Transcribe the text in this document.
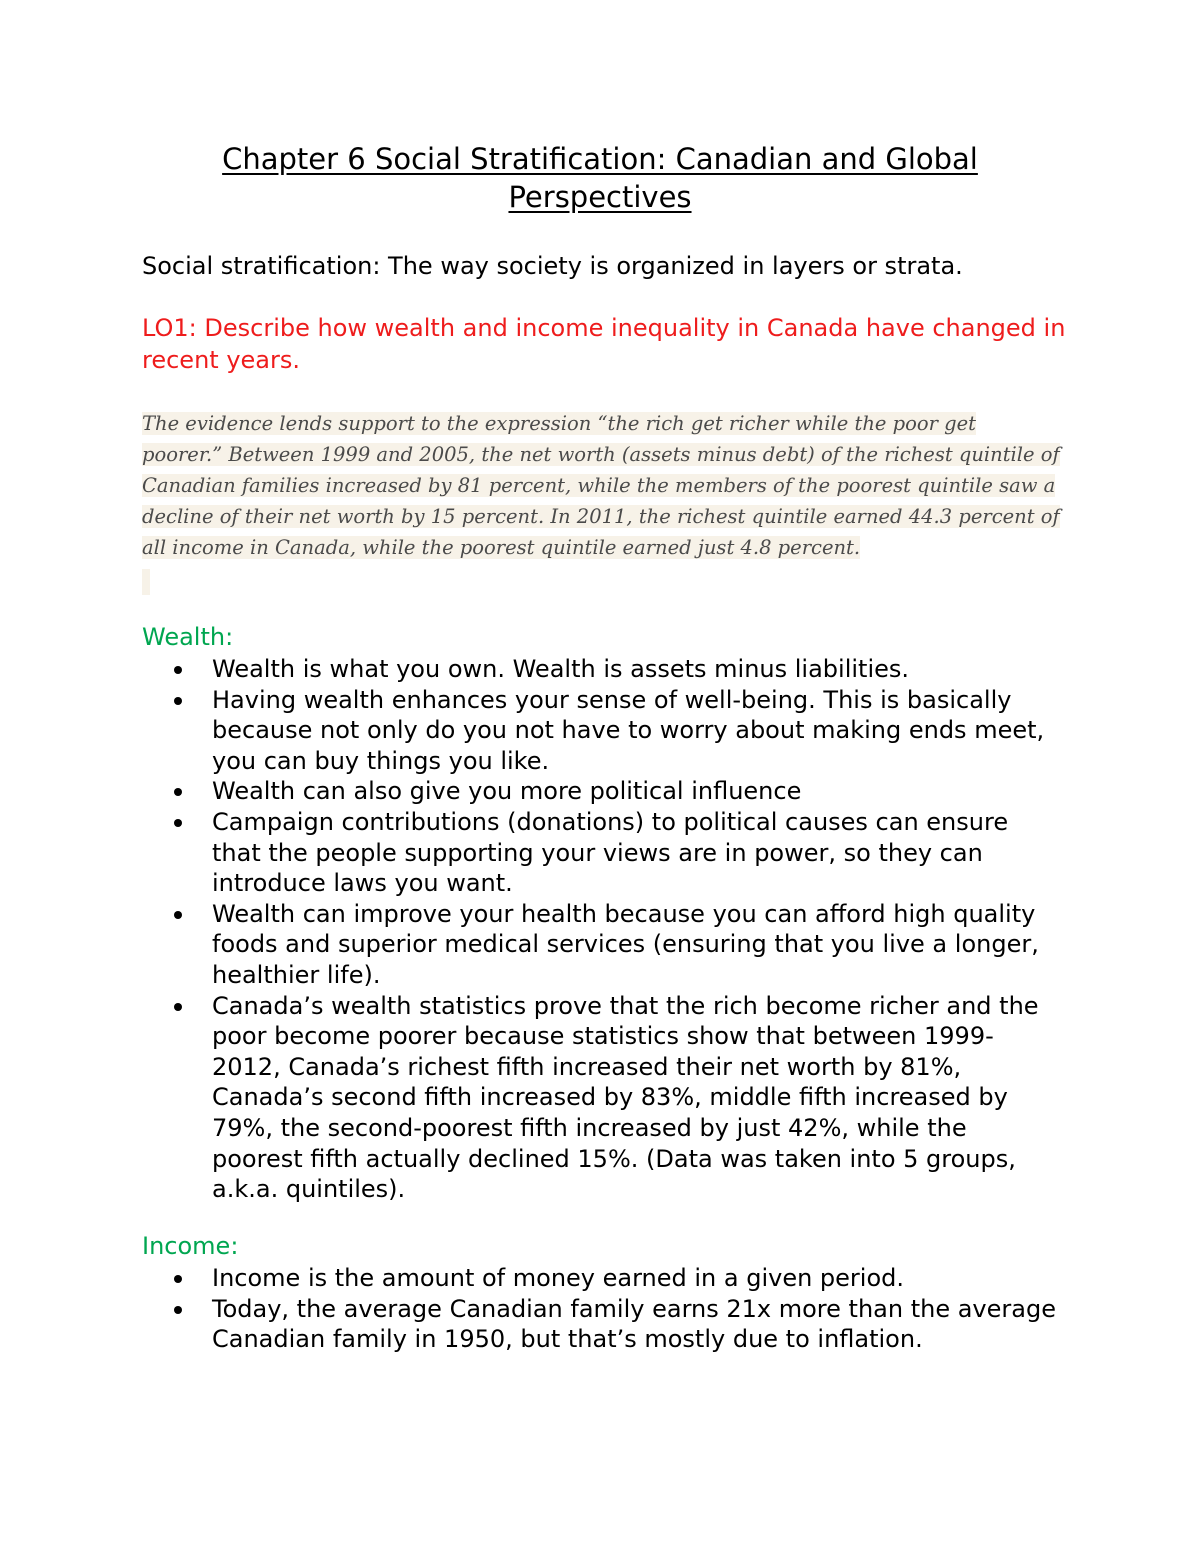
Chapter 6 Social Stratification: Canadian and Global Perspectives
Social stratification: The way society is organized in layers or strata.
LO1: Describe how wealth and income inequality in Canada have changed in recent years.
The evidence lends support to the expression “the rich get richer while the poor get poorer.” Between 1999 and 2005, the net worth (assets minus debt) of the richest quintile of Canadian families increased by 81 percent, while the members of the poorest quintile saw a decline of their net worth by 15 percent. In 2011, the richest quintile earned 44.3 percent of all income in Canada, while the poorest quintile earned just 4.8 percent.
Wealth:
Wealth is what you own. Wealth is assets minus liabilities.
Having wealth enhances your sense of well-being. This is basically because not only do you not have to worry about making ends meet, you can buy things you like.
Wealth can also give you more political influence
Campaign contributions (donations) to political causes can ensure that the people supporting your views are in power, so they can introduce laws you want.
Wealth can improve your health because you can afford high quality foods and superior medical services (ensuring that you live a longer, healthier life).
Canada’s wealth statistics prove that the rich become richer and the poor become poorer because statistics show that between 1999-2012, Canada’s richest fifth increased their net worth by 81%, Canada’s second fifth increased by 83%, middle fifth increased by 79%, the second-poorest fifth increased by just 42%, while the poorest fifth actually declined 15%. (Data was taken into 5 groups, a.k.a. quintiles).
Income:
Income is the amount of money earned in a given period.
Today, the average Canadian family earns 21x more than the average Canadian family in 1950, but that’s mostly due to inflation.
